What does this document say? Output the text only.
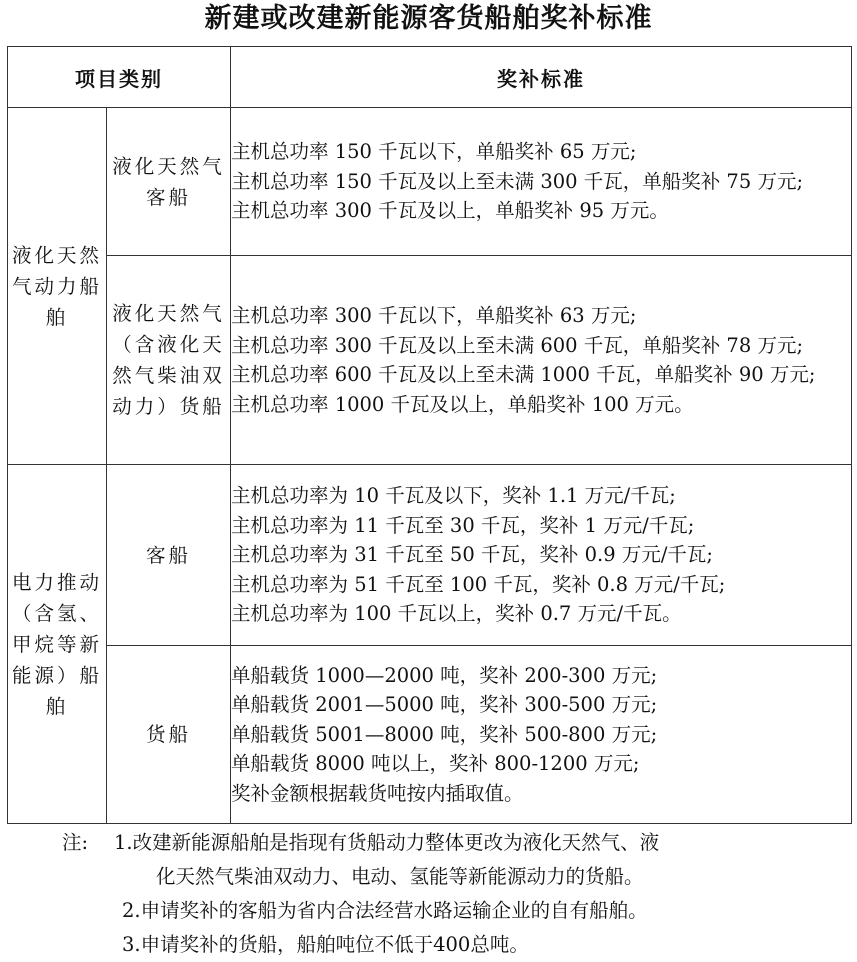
新建或改建新能源客货船舶奖补标准
项目类别		奖补标准
液化天然气动力船舶	液化天然气客船	主机总功率 150 千瓦以下，单船奖补 65 万元;
主机总功率 150 千瓦及以上至未满 300 千瓦，单船奖补 75 万元;
主机总功率 300 千瓦及以上，单船奖补 95 万元。

	液化天然气（含液化天然气柴油双动力）货船	主机总功率 300 千瓦以下，单船奖补 63 万元;
主机总功率 300 千瓦及以上至未满 600 千瓦，单船奖补 78 万元;
主机总功率 600 千瓦及以上至未满 1000 千瓦，单船奖补 90 万元;
主机总功率 1000 千瓦及以上，单船奖补 100 万元。

电力推动（含氢、甲烷等新能源）船舶	客船	主机总功率为 10 千瓦及以下，奖补 1.1 万元/千瓦;
主机总功率为 11 千瓦至 30 千瓦，奖补 1 万元/千瓦;
主机总功率为 31 千瓦至 50 千瓦，奖补 0.9 万元/千瓦;
主机总功率为 51 千瓦至 100 千瓦，奖补 0.8 万元/千瓦;
主机总功率为 100 千瓦以上，奖补 0.7 万元/千瓦。

	货船	单船载货 1000—2000 吨，奖补 200-300 万元;
单船载货 2001—5000 吨，奖补 300-500 万元;
单船载货 5001—8000 吨，奖补 500-800 万元;
单船载货 8000 吨以上，奖补 800-1200 万元;
奖补金额根据载货吨按内插取值。
注: 1.改建新能源船舶是指现有货船动力整体更改为液化天然气、液
化天然气柴油双动力、电动、氢能等新能源动力的货船。
2.申请奖补的客船为省内合法经营水路运输企业的自有船舶。
3.申请奖补的货船，船舶吨位不低于400总吨。
